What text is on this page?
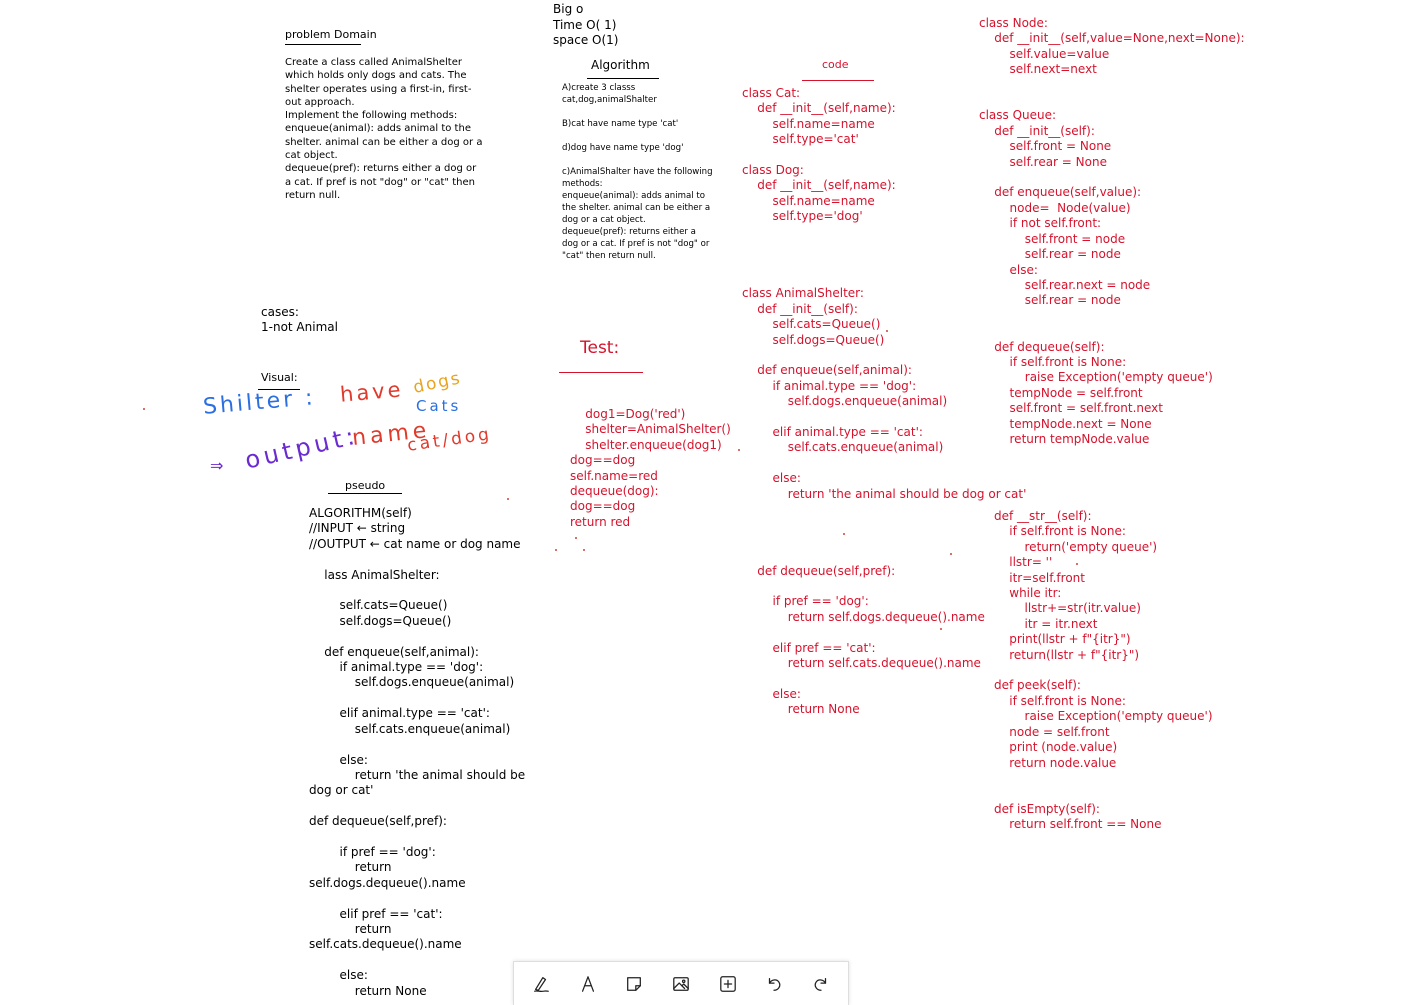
problem Domain
Create a class called AnimalShelter
which holds only dogs and cats. The
shelter operates using a first-in, first-
out approach.
Implement the following methods:
enqueue(animal): adds animal to the
shelter. animal can be either a dog or a
cat object.
dequeue(pref): returns either a dog or
a cat. If pref is not "dog" or "cat" then
return null.
cases:
1-not Animal
Visual:
Shilter : have dogs
Cats
⇒ output:
name
cat/dog
pseudo
ALGORITHM(self)
//INPUT ← string
//OUTPUT ← cat name or dog name

lass AnimalShelter:

self.cats=Queue()
self.dogs=Queue()

def enqueue(self,animal):
if animal.type == 'dog':
self.dogs.enqueue(animal)

elif animal.type == 'cat':
self.cats.enqueue(animal)

else:
return 'the animal should be
dog or cat'

def dequeue(self,pref):

if pref == 'dog':
return
self.dogs.dequeue().name

elif pref == 'cat':
return
self.cats.dequeue().name

else:
return None
Big o
Time O( 1)
space O(1)
Algorithm
A)create 3 classs
cat,dog,animalShalter

B)cat have name type 'cat'

d)dog have name type 'dog'

c)AnimalShalter have the following
methods:
enqueue(animal): adds animal to
the shelter. animal can be either a
dog or a cat object.
dequeue(pref): returns either a
dog or a cat. If pref is not "dog" or
"cat" then return null.
Test:
dog1=Dog('red')
shelter=AnimalShelter()
shelter.enqueue(dog1)
dog==dog
self.name=red
dequeue(dog):
dog==dog
return red
code
class Cat:
def __init__(self,name):
self.name=name
self.type='cat'

class Dog:
def __init__(self,name):
self.name=name
self.type='dog'

class AnimalShelter:
def __init__(self):
self.cats=Queue()
self.dogs=Queue()

def enqueue(self,animal):
if animal.type == 'dog':
self.dogs.enqueue(animal)

elif animal.type == 'cat':
self.cats.enqueue(animal)

else:
return 'the animal should be dog or cat'

def dequeue(self,pref):

if pref == 'dog':
return self.dogs.dequeue().name

elif pref == 'cat':
return self.cats.dequeue().name

else:
return None
class Node:
def __init__(self,value=None,next=None):
self.value=value
self.next=next

class Queue:
def __init__(self):
self.front = None
self.rear = None

def enqueue(self,value):
node=  Node(value)
if not self.front:
self.front = node
self.rear = node
else:
self.rear.next = node
self.rear = node

def dequeue(self):
if self.front is None:
raise Exception('empty queue')
tempNode = self.front
self.front = self.front.next
tempNode.next = None
return tempNode.value
def __str__(self):
if self.front is None:
return('empty queue')
llstr= ''
itr=self.front
while itr:
llstr+=str(itr.value)
itr = itr.next
print(llstr + f"{itr}")
return(llstr + f"{itr}")

def peek(self):
if self.front is None:
raise Exception('empty queue')
node = self.front
print (node.value)
return node.value

def isEmpty(self):
return self.front == None
